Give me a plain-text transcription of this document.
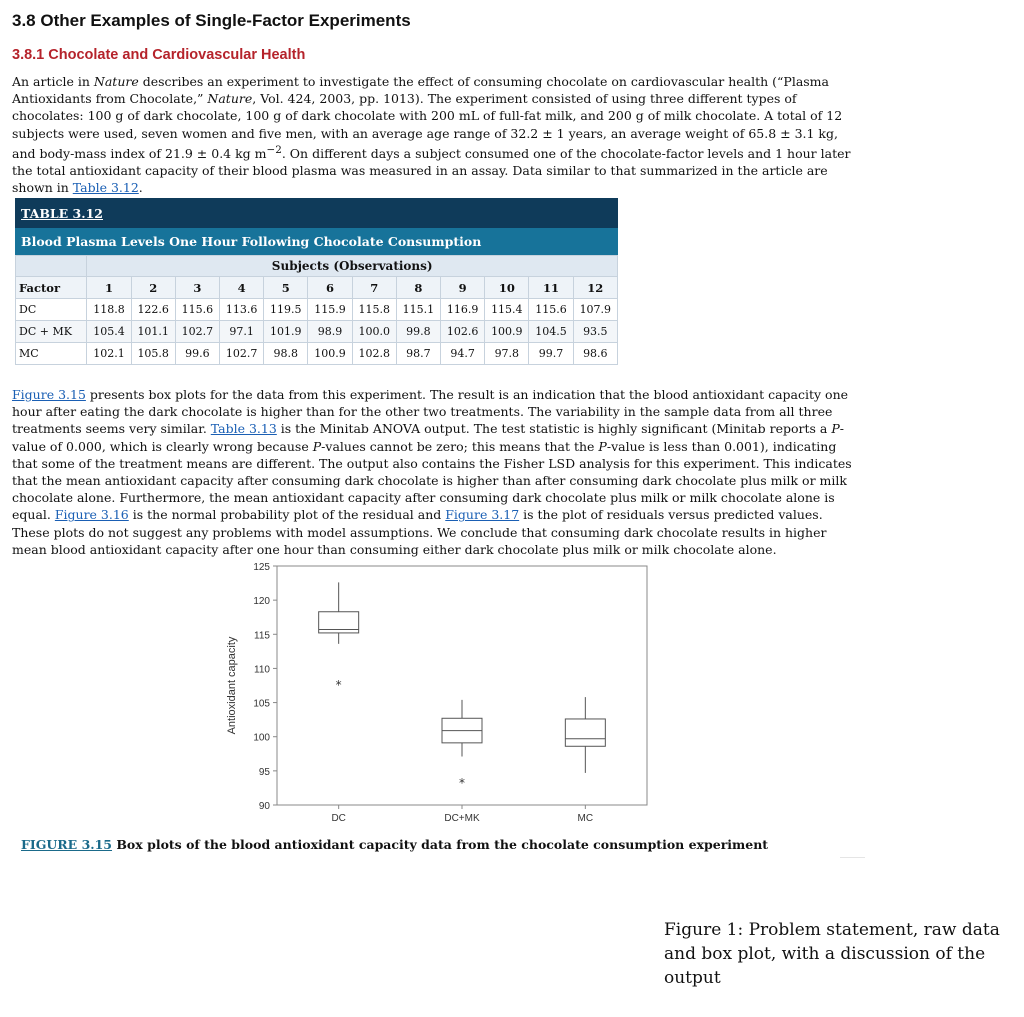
3.8 Other Examples of Single-Factor Experiments
3.8.1 Chocolate and Cardiovascular Health

An article in Nature describes an experiment to investigate the effect of consuming chocolate on cardiovascular health (“Plasma Antioxidants from Chocolate,” Nature, Vol. 424, 2003, pp. 1013). The experiment consisted of using three different types of chocolates: 100 g of dark chocolate, 100 g of dark chocolate with 200 mL of full-fat milk, and 200 g of milk chocolate. A total of 12 subjects were used, seven women and five men, with an average age range of 32.2 ± 1 years, an average weight of 65.8 ± 3.1 kg, and body-mass index of 21.9 ± 0.4 kg $m^{-2}$. On different days a subject consumed one of the chocolate-factor levels and 1 hour later the total antioxidant capacity of their blood plasma was measured in an assay. Data similar to that summarized in the article are shown in Table 3.12.

TABLE 3.12
Blood Plasma Levels One Hour Following Chocolate Consumption
	Subjects (Observations)											
Factor	1	2	3	4	5	6	7	8	9	10	11	12
DC	118.8	122.6	115.6	113.6	119.5	115.9	115.8	115.1	116.9	115.4	115.6	107.9
DC + MK	105.4	101.1	102.7	97.1	101.9	98.9	100.0	99.8	102.6	100.9	104.5	93.5
MC	102.1	105.8	99.6	102.7	98.8	100.9	102.8	98.7	94.7	97.8	99.7	98.6

Figure 3.15 presents box plots for the data from this experiment. The result is an indication that the blood antioxidant capacity one hour after eating the dark chocolate is higher than for the other two treatments. The variability in the sample data from all three treatments seems very similar. Table 3.13 is the Minitab ANOVA output. The test statistic is highly significant (Minitab reports a P-value of 0.000, which is clearly wrong because P-values cannot be zero; this means that the P-value is less than 0.001), indicating that some of the treatment means are different. The output also contains the Fisher LSD analysis for this experiment. This indicates that the mean antioxidant capacity after consuming dark chocolate is higher than after consuming dark chocolate plus milk or milk chocolate alone. Furthermore, the mean antioxidant capacity after consuming dark chocolate plus milk or milk chocolate alone is equal. Figure 3.16 is the normal probability plot of the residual and Figure 3.17 is the plot of residuals versus predicted values. These plots do not suggest any problems with model assumptions. We conclude that consuming dark chocolate results in higher mean blood antioxidant capacity after one hour than consuming either dark chocolate plus milk or milk chocolate alone.

90
95
100
105
110
115
120
125
Antioxidant capacity	*
DC
*
DC+MK	MC
FIGURE 3.15 Box plots of the blood antioxidant capacity data from the chocolate consumption experiment
Figure 1: Problem statement, raw data and box plot, with a discussion of the output
